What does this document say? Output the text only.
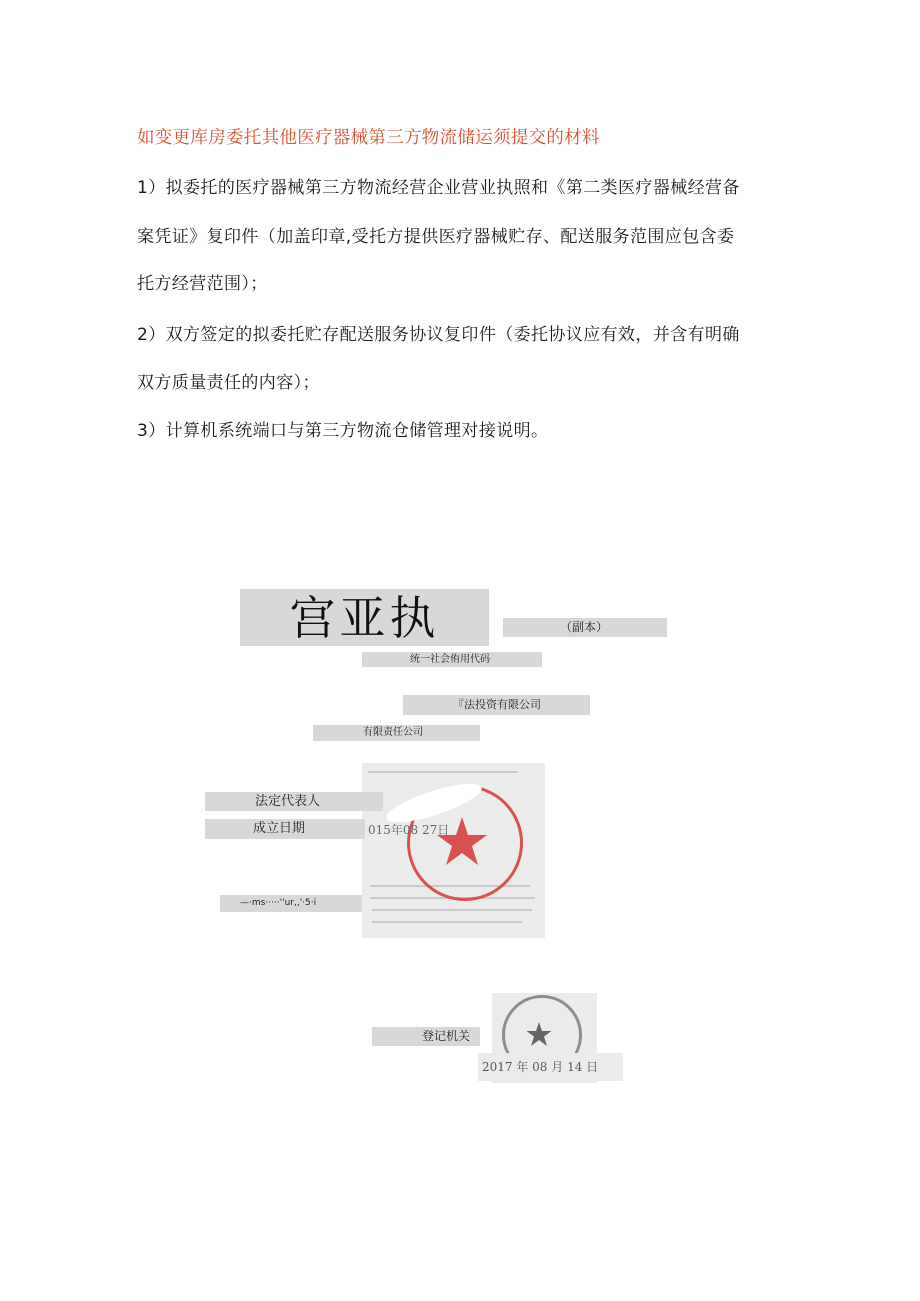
如变更库房委托其他医疗器械第三方物流储运须提交的材料
1）拟委托的医疗器械第三方物流经营企业营业执照和《第二类医疗器械经营备
案凭证》复印件（加盖印章,受托方提供医疗器械贮存、配送服务范围应包含委
托方经营范围）；
2）双方签定的拟委托贮存配送服务协议复印件（委托协议应有效，并含有明确
双方质量责任的内容）；
3）计算机系统端口与第三方物流仓储管理对接说明。
宫亚执	（副本）
统一社会侑用代码
『法投资有限公司
有限责任公司
015年08 27日
法定代表人
成立日期
—·ms·····''ur,,'·5·i
2017 年 08 月 14 日
登记机关
